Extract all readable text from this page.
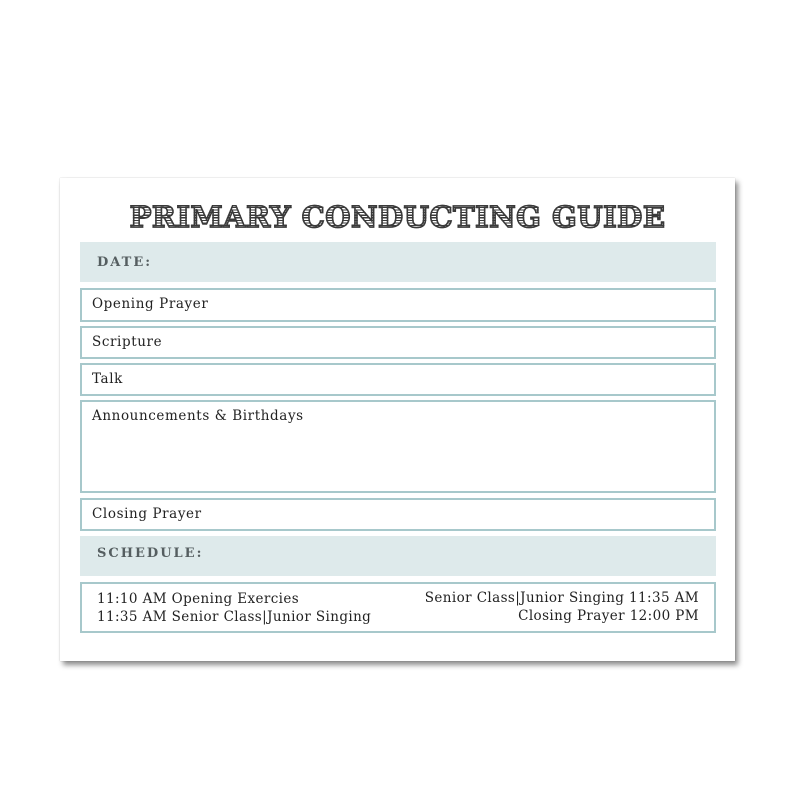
PRIMARY CONDUCTING GUIDE
DATE:
Opening Prayer
Scripture
Talk
Announcements & Birthdays
Closing Prayer
SCHEDULE:
11:10 AM Opening Exercies
11:35 AM Senior Class|Junior Singing
Senior Class|Junior Singing 11:35 AM
Closing Prayer 12:00 PM
